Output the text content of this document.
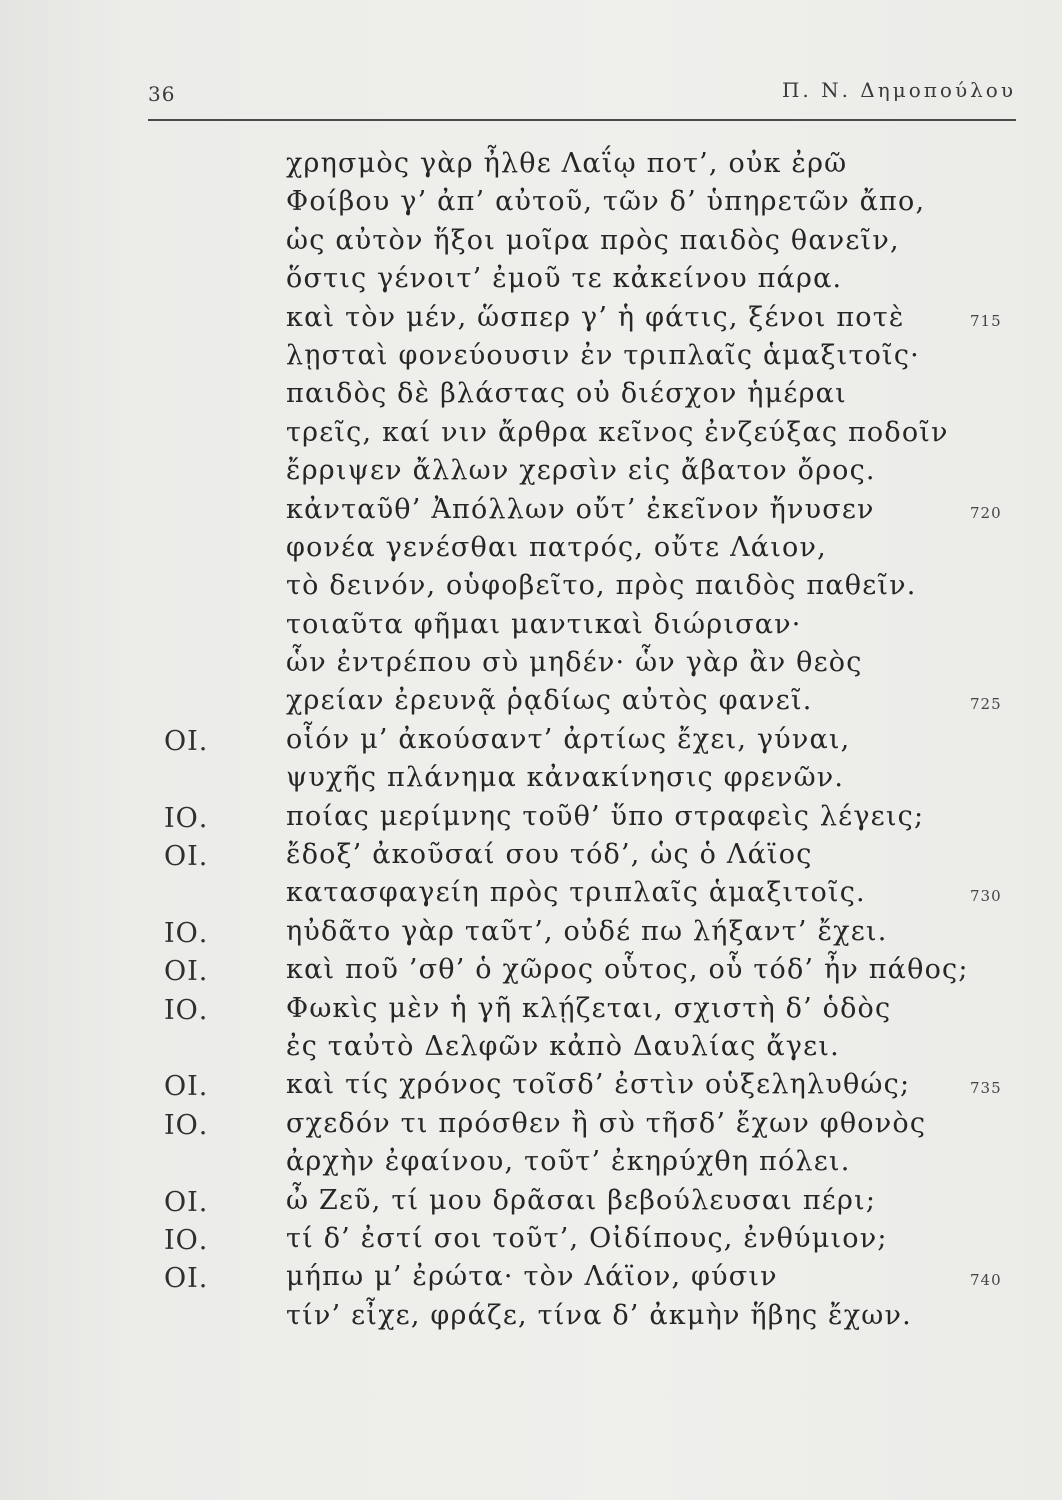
36	Π. Ν. Δημοπούλου
χρησμὸς γὰρ ἦλθε Λαΐῳ ποτ’, οὐκ ἐρῶ
Φοίβου γ’ ἀπ’ αὐτοῦ, τῶν δ’ ὑπηρετῶν ἄπο,
ὡς αὐτὸν ἥξοι μοῖρα πρὸς παιδὸς θανεῖν,
ὅστις γένοιτ’ ἐμοῦ τε κἀκείνου πάρα.
καὶ τὸν μέν, ὥσπερ γ’ ἡ φάτις, ξένοι ποτὲ	715
λῃσταὶ φονεύουσιν ἐν τριπλαῖς ἁμαξιτοῖς·
παιδὸς δὲ βλάστας οὐ διέσχον ἡμέραι
τρεῖς, καί νιν ἄρθρα κεῖνος ἐνζεύξας ποδοῖν
ἔρριψεν ἄλλων χερσὶν εἰς ἄβατον ὄρος.
κἀνταῦθ’ Ἀπόλλων οὔτ’ ἐκεῖνον ἤνυσεν	720
φονέα γενέσθαι πατρός, οὔτε Λάιον,
τὸ δεινόν, οὑφοβεῖτο, πρὸς παιδὸς παθεῖν.
τοιαῦτα φῆμαι μαντικαὶ διώρισαν·
ὧν ἐντρέπου σὺ μηδέν· ὧν γὰρ ἂν θεὸς
χρείαν ἐρευνᾷ ῥᾳδίως αὐτὸς φανεῖ.	725
ΟΙ.	οἷόν μ’ ἀκούσαντ’ ἀρτίως ἔχει, γύναι,
ψυχῆς πλάνημα κἀνακίνησις φρενῶν.
ΙΟ.	ποίας μερίμνης τοῦθ’ ὕπο στραφεὶς λέγεις;
ΟΙ.	ἔδοξ’ ἀκοῦσαί σου τόδ’, ὡς ὁ Λάϊος
κατασφαγείη πρὸς τριπλαῖς ἁμαξιτοῖς.	730
ΙΟ.	ηὐδᾶτο γὰρ ταῦτ’, οὐδέ πω λήξαντ’ ἔχει.
ΟΙ.	καὶ ποῦ ’σθ’ ὁ χῶρος οὗτος, οὗ τόδ’ ἦν πάθος;
ΙΟ.	Φωκὶς μὲν ἡ γῆ κλῄζεται, σχιστὴ δ’ ὁδὸς
ἐς ταὐτὸ Δελφῶν κἀπὸ Δαυλίας ἄγει.
ΟΙ.	καὶ τίς χρόνος τοῖσδ’ ἐστὶν οὑξεληλυθώς;	735
ΙΟ.	σχεδόν τι πρόσθεν ἢ σὺ τῆσδ’ ἔχων φθονὸς
ἀρχὴν ἐφαίνου, τοῦτ’ ἐκηρύχθη πόλει.
ΟΙ.	ὦ Ζεῦ, τί μου δρᾶσαι βεβούλευσαι πέρι;
ΙΟ.	τί δ’ ἐστί σοι τοῦτ’, Οἰδίπους, ἐνθύμιον;
ΟΙ.	μήπω μ’ ἐρώτα· τὸν Λάϊον, φύσιν	740
τίν’ εἶχε, φράζε, τίνα δ’ ἀκμὴν ἥβης ἔχων.
